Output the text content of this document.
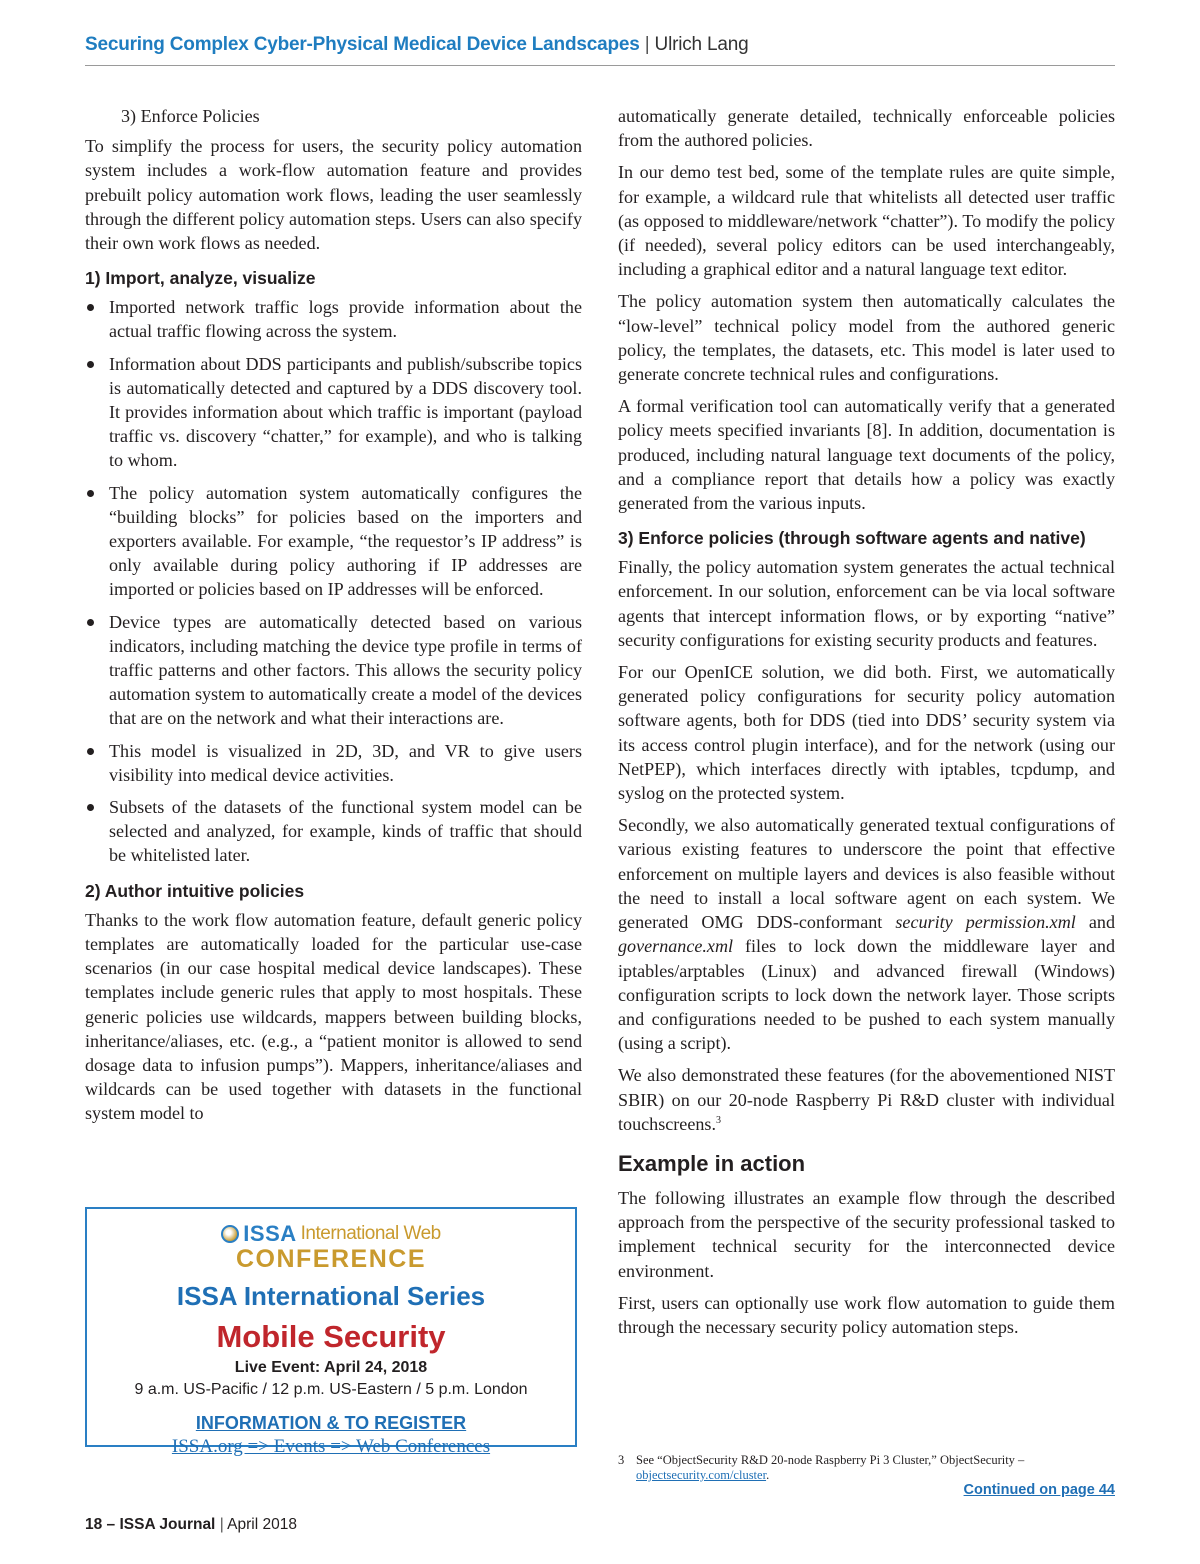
Securing Complex Cyber-Physical Medical Device Landscapes | Ulrich Lang

3) Enforce Policies

To simplify the process for users, the security policy automation system includes a work-flow automation feature and provides prebuilt policy automation work flows, leading the user seamlessly through the different policy automation steps. Users can also specify their own work flows as needed.

1) Import, analyze, visualize
Imported network traffic logs provide information about the actual traffic flowing across the system.
Information about DDS participants and publish/subscribe topics is automatically detected and captured by a DDS discovery tool. It provides information about which traffic is important (payload traffic vs. discovery “chatter,” for example), and who is talking to whom.
The policy automation system automatically configures the “building blocks” for policies based on the importers and exporters available. For example, “the requestor’s IP address” is only available during policy authoring if IP addresses are imported or policies based on IP addresses will be enforced.
Device types are automatically detected based on various indicators, including matching the device type profile in terms of traffic patterns and other factors. This allows the security policy automation system to automatically create a model of the devices that are on the network and what their interactions are.
This model is visualized in 2D, 3D, and VR to give users visibility into medical device activities.
Subsets of the datasets of the functional system model can be selected and analyzed, for example, kinds of traffic that should be whitelisted later.
2) Author intuitive policies

Thanks to the work flow automation feature, default generic policy templates are automatically loaded for the particular use-case scenarios (in our case hospital medical device landscapes). These templates include generic rules that apply to most hospitals. These generic policies use wildcards, mappers between building blocks, inheritance/aliases, etc. (e.g., a “patient monitor is allowed to send dosage data to infusion pumps”). Mappers, inheritance/aliases and wildcards can be used together with datasets in the functional system model to

ISSA International Web
CONFERENCE
ISSA International Series
Mobile Security
Live Event: April 24, 2018
9 a.m. US-Pacific / 12 p.m. US-Eastern / 5 p.m. London
INFORMATION & TO REGISTER
ISSA.org => Events => Web Conferences

automatically generate detailed, technically enforceable policies from the authored policies.

In our demo test bed, some of the template rules are quite simple, for example, a wildcard rule that whitelists all detected user traffic (as opposed to middleware/network “chatter”). To modify the policy (if needed), several policy editors can be used interchangeably, including a graphical editor and a natural language text editor.

The policy automation system then automatically calculates the “low-level” technical policy model from the authored generic policy, the templates, the datasets, etc. This model is later used to generate concrete technical rules and configurations.

A formal verification tool can automatically verify that a generated policy meets specified invariants [8]. In addition, documentation is produced, including natural language text documents of the policy, and a compliance report that details how a policy was exactly generated from the various inputs.

3) Enforce policies (through software agents and native)

Finally, the policy automation system generates the actual technical enforcement. In our solution, enforcement can be via local software agents that intercept information flows, or by exporting “native” security configurations for existing security products and features.

For our OpenICE solution, we did both. First, we automatically generated policy configurations for security policy automation software agents, both for DDS (tied into DDS’ security system via its access control plugin interface), and for the network (using our NetPEP), which interfaces directly with iptables, tcpdump, and syslog on the protected system.

Secondly, we also automatically generated textual configurations of various existing features to underscore the point that effective enforcement on multiple layers and devices is also feasible without the need to install a local software agent on each system. We generated OMG DDS-conformant security permission.xml and governance.xml files to lock down the middleware layer and iptables/arptables (Linux) and advanced firewall (Windows) configuration scripts to lock down the network layer. Those scripts and configurations needed to be pushed to each system manually (using a script).

We also demonstrated these features (for the abovementioned NIST SBIR) on our 20-node Raspberry Pi R&D cluster with individual touchscreens.$^3$

Example in action

The following illustrates an example flow through the described approach from the perspective of the security professional tasked to implement technical security for the interconnected device environment.

First, users can optionally use work flow automation to guide them through the necessary security policy automation steps.

3 See “ObjectSecurity R&D 20-node Raspberry Pi 3 Cluster,” ObjectSecurity –
objectsecurity.com/cluster.
Continued on page 44
18 – ISSA Journal | April 2018
